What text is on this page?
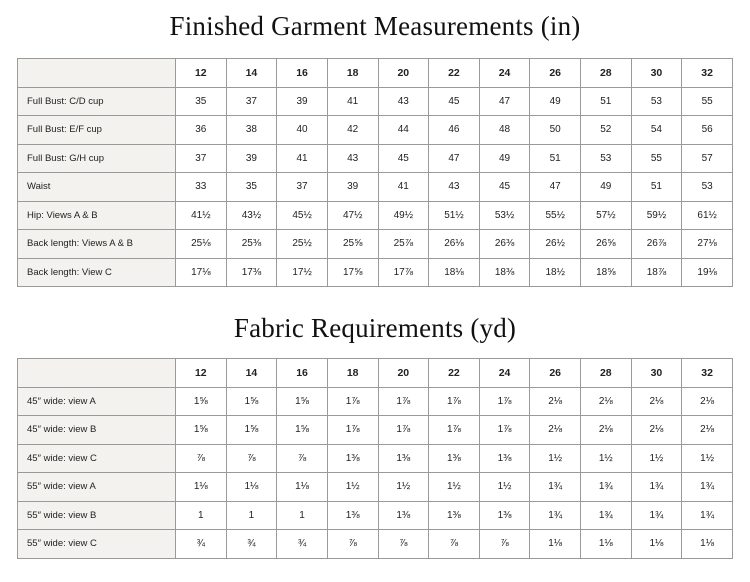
Finished Garment Measurements (in)
	12	14	16	18	20	22	24	26	28	30	32
Full Bust: C/D cup	35	37	39	41	43	45	47	49	51	53	55
Full Bust: E/F cup	36	38	40	42	44	46	48	50	52	54	56
Full Bust: G/H cup	37	39	41	43	45	47	49	51	53	55	57
Waist	33	35	37	39	41	43	45	47	49	51	53
Hip: Views A & B	41½	43½	45½	47½	49½	51½	53½	55½	57½	59½	61½
Back length: Views A & B	25⅛	25⅜	25½	25⅝	25⅞	26⅛	26⅜	26½	26⅝	26⅞	27⅛
Back length: View C	17⅛	17⅜	17½	17⅝	17⅞	18⅛	18⅜	18½	18⅝	18⅞	19⅛
Fabric Requirements (yd)
	12	14	16	18	20	22	24	26	28	30	32
45″ wide: view A	1⅝	1⅝	1⅝	1⅞	1⅞	1⅞	1⅞	2⅛	2⅛	2⅛	2⅛
45″ wide: view B	1⅝	1⅝	1⅝	1⅞	1⅞	1⅞	1⅞	2⅛	2⅛	2⅛	2⅛
45″ wide: view C	⅞	⅞	⅞	1⅜	1⅜	1⅜	1⅜	1½	1½	1½	1½
55″ wide: view A	1⅛	1⅛	1⅛	1½	1½	1½	1½	1¾	1¾	1¾	1¾
55″ wide: view B	1	1	1	1⅜	1⅜	1⅜	1⅜	1¾	1¾	1¾	1¾
55″ wide: view C	¾	¾	¾	⅞	⅞	⅞	⅞	1⅛	1⅛	1⅛	1⅛
